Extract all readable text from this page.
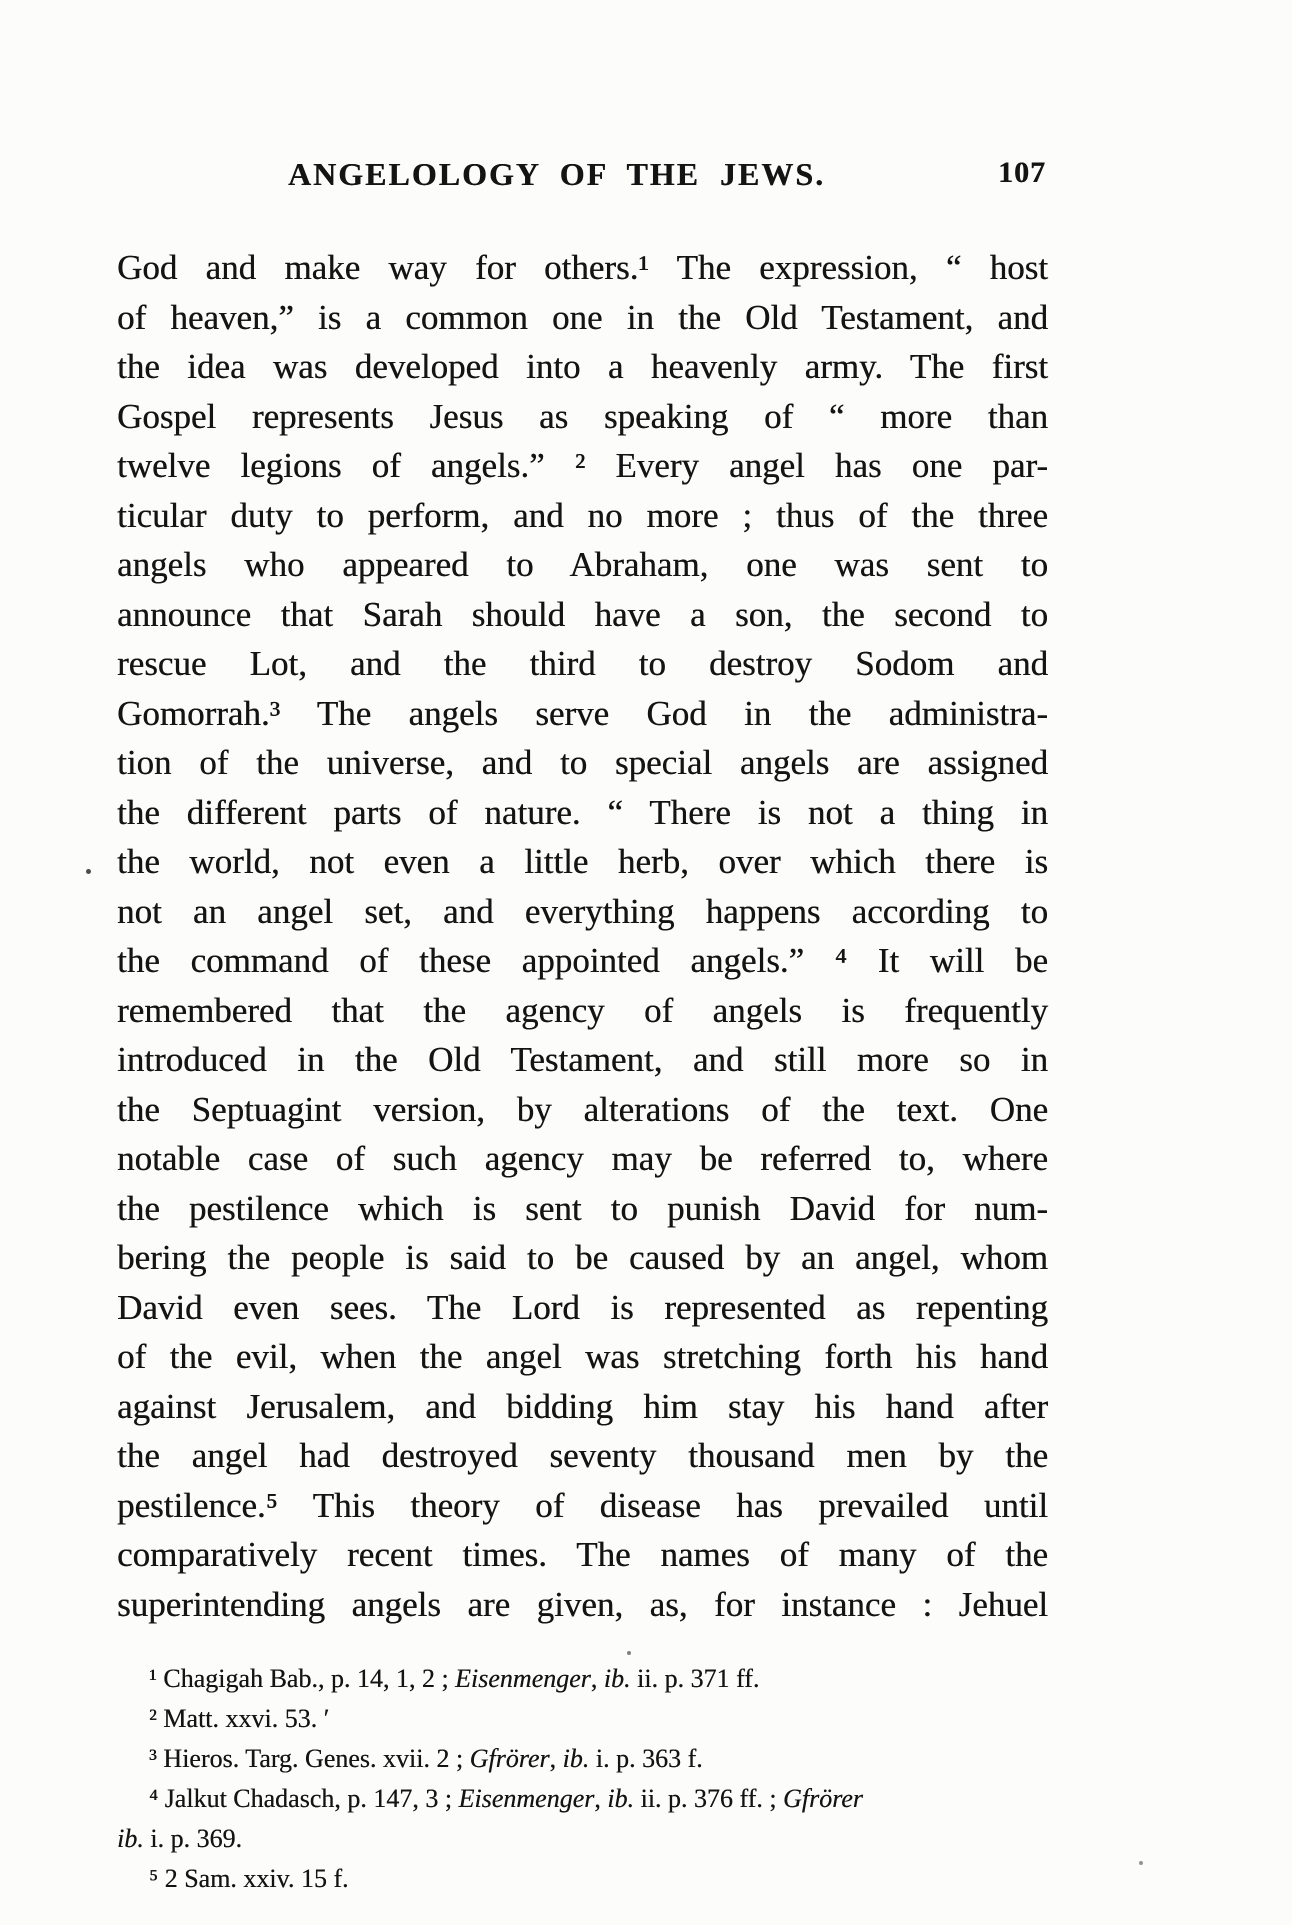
ANGELOLOGY OF THE JEWS.	107
God and make way for others.¹ The expression, “ host
of heaven,” is a common one in the Old Testament, and
the idea was developed into a heavenly army. The first
Gospel represents Jesus as speaking of “ more than
twelve legions of angels.” ² Every angel has one par-
ticular duty to perform, and no more ; thus of the three
angels who appeared to Abraham, one was sent to
announce that Sarah should have a son, the second to
rescue Lot, and the third to destroy Sodom and
Gomorrah.³ The angels serve God in the administra-
tion of the universe, and to special angels are assigned
the different parts of nature. “ There is not a thing in
the world, not even a little herb, over which there is
not an angel set, and everything happens according to
the command of these appointed angels.” ⁴ It will be
remembered that the agency of angels is frequently
introduced in the Old Testament, and still more so in
the Septuagint version, by alterations of the text. One
notable case of such agency may be referred to, where
the pestilence which is sent to punish David for num-
bering the people is said to be caused by an angel, whom
David even sees. The Lord is represented as repenting
of the evil, when the angel was stretching forth his hand
against Jerusalem, and bidding him stay his hand after
the angel had destroyed seventy thousand men by the
pestilence.⁵ This theory of disease has prevailed until
comparatively recent times. The names of many of the
superintending angels are given, as, for instance : Jehuel
¹ Chagigah Bab., p. 14, 1, 2 ; Eisenmenger, ib. ii. p. 371 ff.
² Matt. xxvi. 53. ′
³ Hieros. Targ. Genes. xvii. 2 ; Gfrörer, ib. i. p. 363 f.
⁴ Jalkut Chadasch, p. 147, 3 ; Eisenmenger, ib. ii. p. 376 ff. ; Gfrörer
ib. i. p. 369.
⁵ 2 Sam. xxiv. 15 f.
